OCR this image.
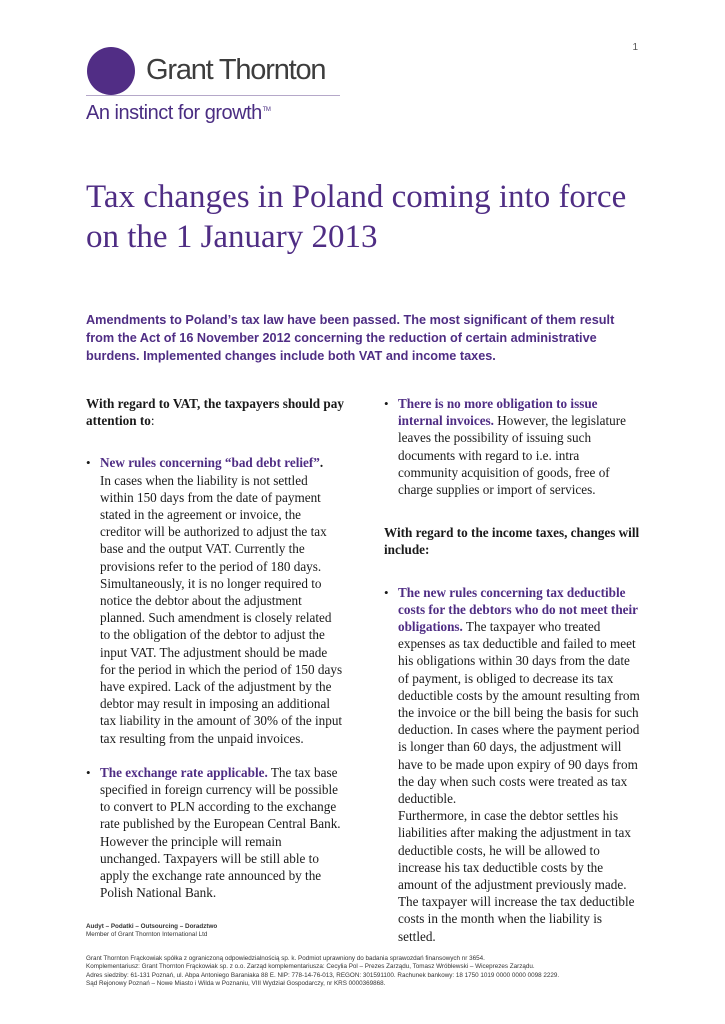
1
Grant Thornton
An instinct for growth™
Tax changes in Poland coming into force on the 1 January 2013

Amendments to Poland’s tax law have been passed. The most significant of them result from the Act of 16 November 2012 concerning the reduction of certain administrative burdens. Implemented changes include both VAT and income taxes.

With regard to VAT, the taxpayers should pay attention to:
• New rules concerning “bad debt relief”.
In cases when the liability is not settled within 150 days from the date of payment stated in the agreement or invoice, the creditor will be authorized to adjust the tax base and the output VAT. Currently the provisions refer to the period of 180 days. Simultaneously, it is no longer required to notice the debtor about the adjustment planned. Such amendment is closely related to the obligation of the debtor to adjust the input VAT. The adjustment should be made for the period in which the period of 150 days have expired. Lack of the adjustment by the debtor may result in imposing an additional tax liability in the amount of 30% of the input tax resulting from the unpaid invoices.
• The exchange rate applicable. The tax base specified in foreign currency will be possible to convert to PLN according to the exchange rate published by the European Central Bank. However the principle will remain unchanged. Taxpayers will be still able to apply the exchange rate announced by the Polish National Bank.
• There is no more obligation to issue internal invoices. However, the legislature leaves the possibility of issuing such documents with regard to i.e. intra community acquisition of goods, free of charge supplies or import of services.
With regard to the income taxes, changes will include:
• The new rules concerning tax deductible costs for the debtors who do not meet their obligations. The taxpayer who treated expenses as tax deductible and failed to meet his obligations within 30 days from the date of payment, is obliged to decrease its tax deductible costs by the amount resulting from the invoice or the bill being the basis for such deduction. In cases where the payment period is longer than 60 days, the adjustment will have to be made upon expiry of 90 days from the day when such costs were treated as tax deductible.
Furthermore, in case the debtor settles his liabilities after making the adjustment in tax deductible costs, he will be allowed to increase his tax deductible costs by the amount of the adjustment previously made. The taxpayer will increase the tax deductible costs in the month when the liability is settled.
Audyt – Podatki – Outsourcing – Doradztwo
Member of Grant Thornton International Ltd
Grant Thornton Frąckowiak spółka z ograniczoną odpowiedzialnością sp. k. Podmiot uprawniony do badania sprawozdań finansowych nr 3654.
Komplementariusz: Grant Thornton Frąckowiak sp. z o.o. Zarząd komplementariusza: Cecylia Pol – Prezes Zarządu, Tomasz Wróblewski – Wiceprezes Zarządu.
Adres siedziby: 61-131 Poznań, ul. Abpa Antoniego Baraniaka 88 E. NIP: 778-14-76-013, REGON: 301591100. Rachunek bankowy: 18 1750 1019 0000 0000 0098 2229.
Sąd Rejonowy Poznań – Nowe Miasto i Wilda w Poznaniu, VIII Wydział Gospodarczy, nr KRS 0000369868.
